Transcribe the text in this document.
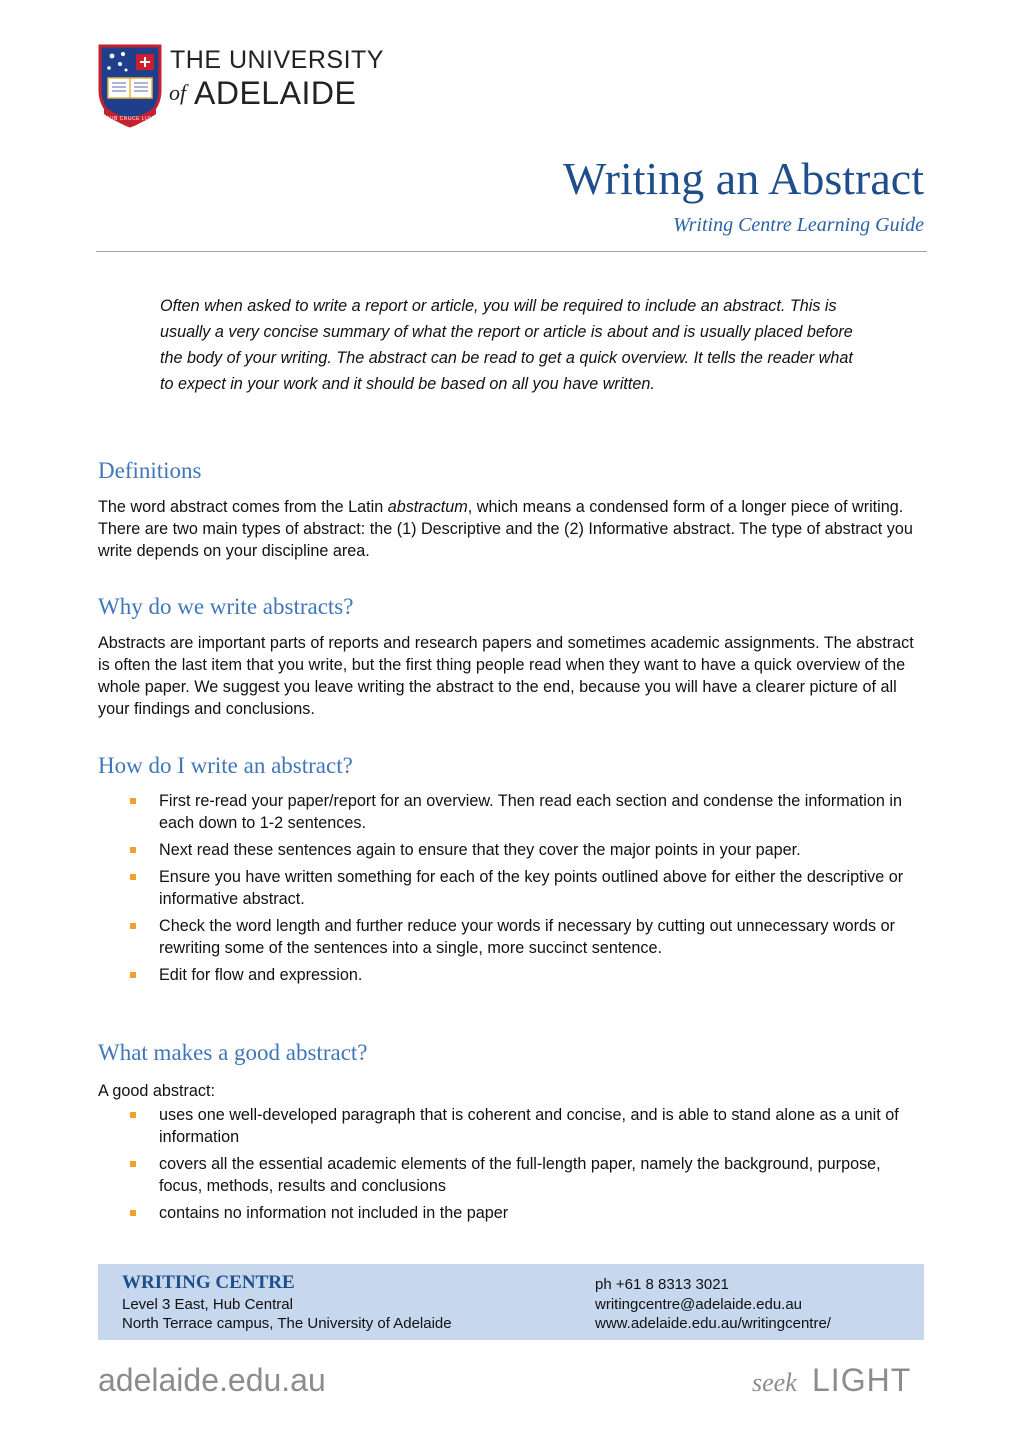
THE UNIVERSITY
of ADELAIDE
SUB CRUCE LUMEN
Writing an Abstract
Writing Centre Learning Guide
Often when asked to write a report or article, you will be required to include an abstract. This is usually a very concise summary of what the report or article is about and is usually placed before the body of your writing. The abstract can be read to get a quick overview. It tells the reader what to expect in your work and it should be based on all you have written.
Definitions
The word abstract comes from the Latin abstractum, which means a condensed form of a longer piece of writing. There are two main types of abstract: the (1) Descriptive and the (2) Informative abstract. The type of abstract you write depends on your discipline area.
Why do we write abstracts?
Abstracts are important parts of reports and research papers and sometimes academic assignments. The abstract is often the last item that you write, but the first thing people read when they want to have a quick overview of the whole paper. We suggest you leave writing the abstract to the end, because you will have a clearer picture of all your findings and conclusions.
How do I write an abstract?
First re-read your paper/report for an overview. Then read each section and condense the information in each down to 1-2 sentences.
Next read these sentences again to ensure that they cover the major points in your paper.
Ensure you have written something for each of the key points outlined above for either the descriptive or informative abstract.
Check the word length and further reduce your words if necessary by cutting out unnecessary words or rewriting some of the sentences into a single, more succinct sentence.
Edit for flow and expression.
What makes a good abstract?
A good abstract:
uses one well-developed paragraph that is coherent and concise, and is able to stand alone as a unit of information
covers all the essential academic elements of the full-length paper, namely the background, purpose, focus, methods, results and conclusions
contains no information not included in the paper
WRITING CENTRE
Level 3 East, Hub Central
North Terrace campus, The University of Adelaide
ph +61 8 8313 3021
writingcentre@adelaide.edu.au
www.adelaide.edu.au/writingcentre/
adelaide.edu.au	seek LIGHT
